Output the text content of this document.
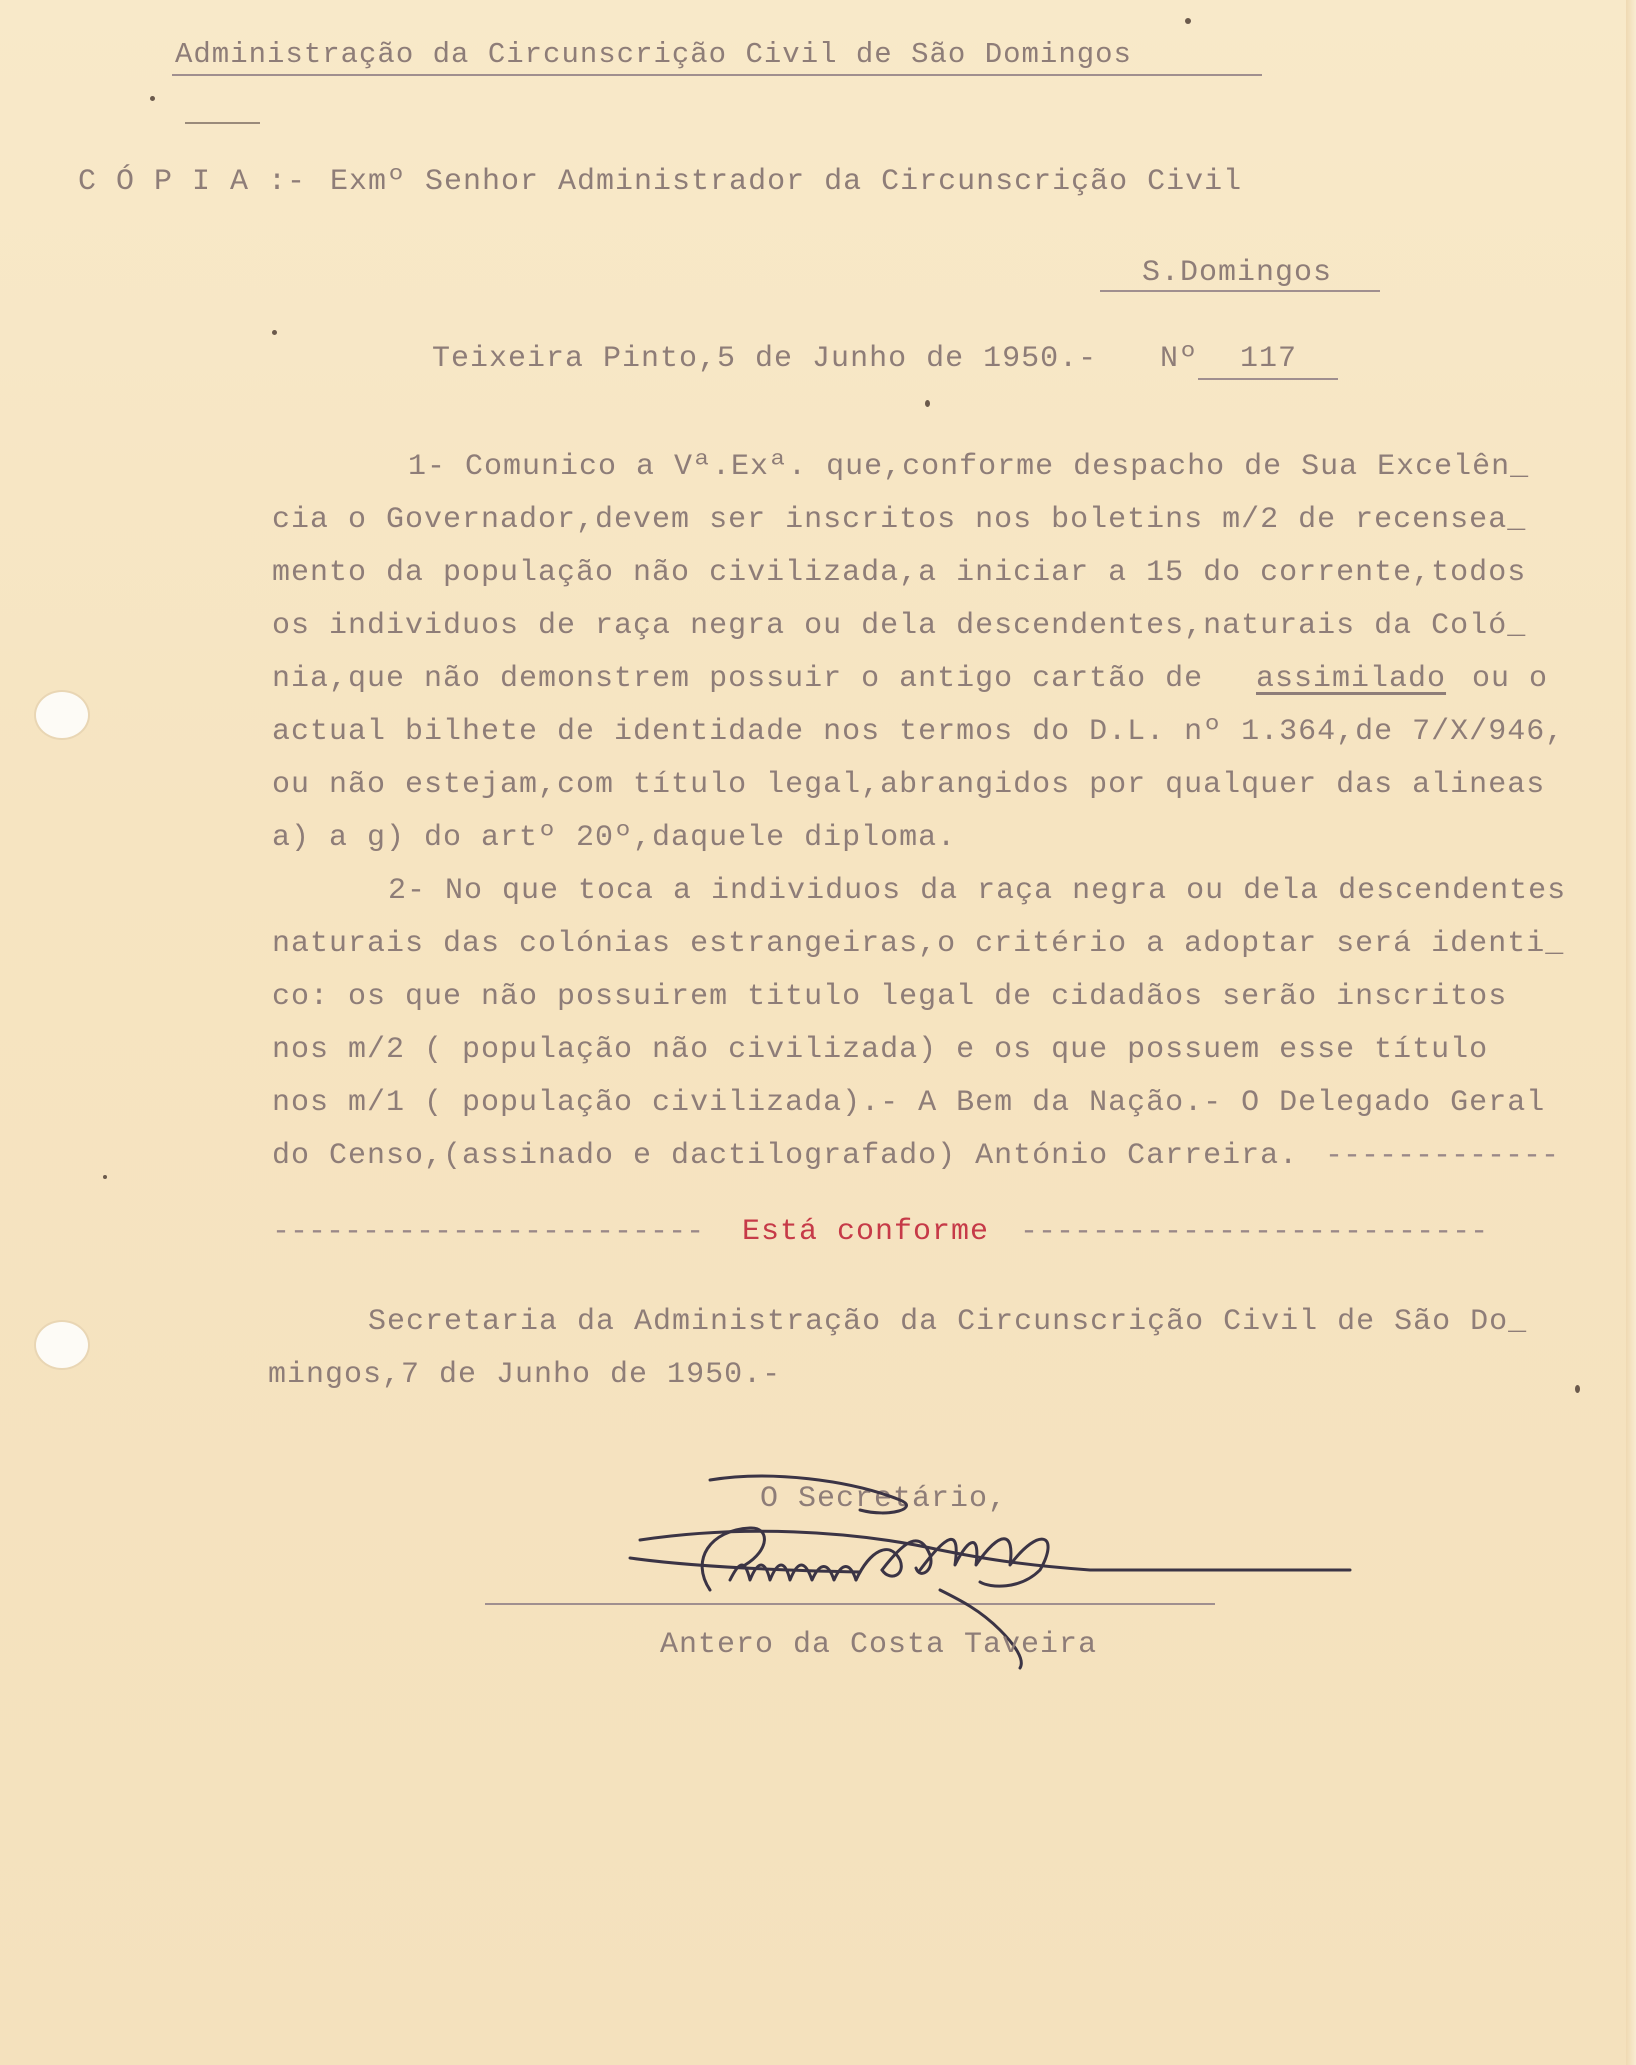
Administração da Circunscrição Civil de São Domingos
C Ó P I A :- Exmº Senhor Administrador da Circunscrição Civil
S.Domingos
Teixeira Pinto,5 de Junho de 1950.- Nº 117
1- Comunico a Vª.Exª. que,conforme despacho de Sua Excelên_
cia o Governador,devem ser inscritos nos boletins m/2 de recensea_
mento da população não civilizada,a iniciar a 15 do corrente,todos
os individuos de raça negra ou dela descendentes,naturais da Coló_
nia,que não demonstrem possuir o antigo cartão de assimilado ou o
actual bilhete de identidade nos termos do D.L. nº 1.364,de 7/X/946,
ou não estejam,com título legal,abrangidos por qualquer das alineas
a) a g) do artº 20º,daquele diploma.
2- No que toca a individuos da raça negra ou dela descendentes
naturais das colónias estrangeiras,o critério a adoptar será identi_
co: os que não possuirem titulo legal de cidadãos serão inscritos
nos m/2 ( população não civilizada) e os que possuem esse título
nos m/1 ( população civilizada).- A Bem da Nação.- O Delegado Geral
do Censo,(assinado e dactilografado) António Carreira. -------------
------------------------ Está conforme --------------------------
Secretaria da Administração da Circunscrição Civil de São Do_
mingos,7 de Junho de 1950.-
O Secretário,
Antero da Costa Taveira
